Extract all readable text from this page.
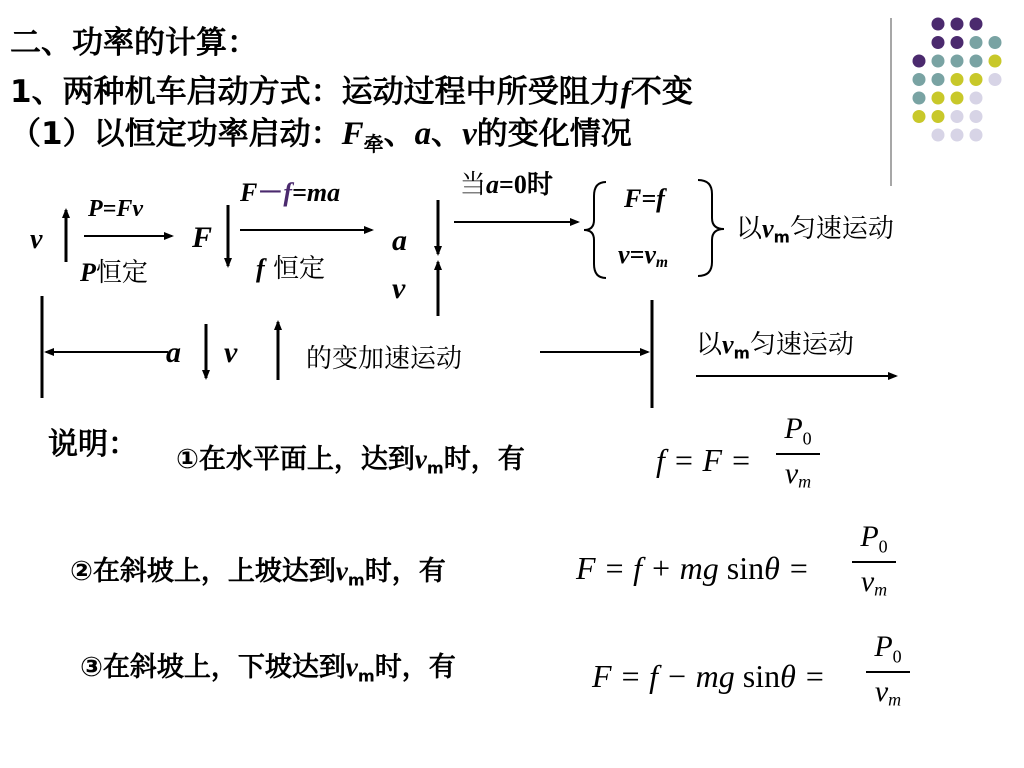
二、功率的计算：
1、两种机车启动方式：运动过程中所受阻力f不变
（1）以恒定功率启动：$F_牵$、a、v的变化情况
v
P=Fv
P恒定
F
F－f=ma
f 恒定
a
v
当a=0时	F=f
$v=v_m$
以$v_m$匀速运动
a v	的变加速运动	以$v_m$匀速运动
说明： ①在水平面上，达到$v_m$时，有	f = F =
$P_0$
$v_m$
②在斜坡上，上坡达到$v_m$时，有	F = f + mg sinθ =
$P_0$
$v_m$
③在斜坡上，下坡达到$v_m$时，有	F = f − mg sinθ =
$P_0$
$v_m$
